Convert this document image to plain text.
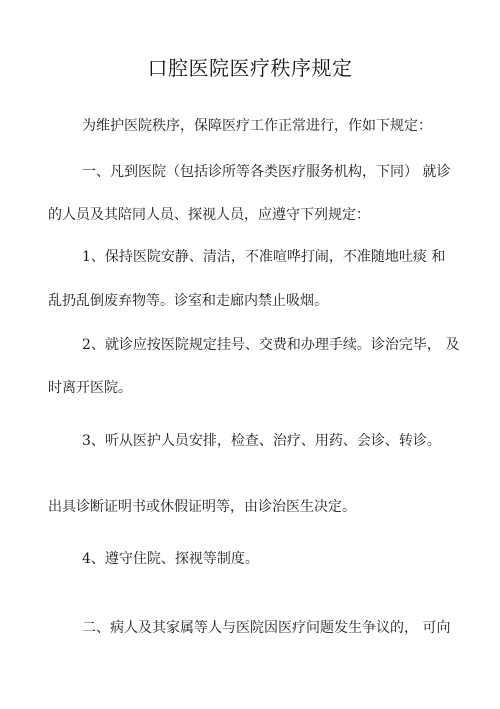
口腔医院医疗秩序规定
为维护医院秩序，保障医疗工作正常进行，作如下规定：
一、凡到医院（包括诊所等各类医疗服务机构，下同） 就诊
的人员及其陪同人员、探视人员，应遵守下列规定：
1、保持医院安静、清洁，不准喧哗打闹，不准随地吐痰 和
乱扔乱倒废弃物等。诊室和走廊内禁止吸烟。
2、就诊应按医院规定挂号、交费和办理手续。诊治完毕， 及
时离开医院。
3、听从医护人员安排，检查、治疗、用药、会诊、转诊。
出具诊断证明书或休假证明等，由诊治医生决定。
4、遵守住院、探视等制度。
二、病人及其家属等人与医院因医疗问题发生争议的， 可向
